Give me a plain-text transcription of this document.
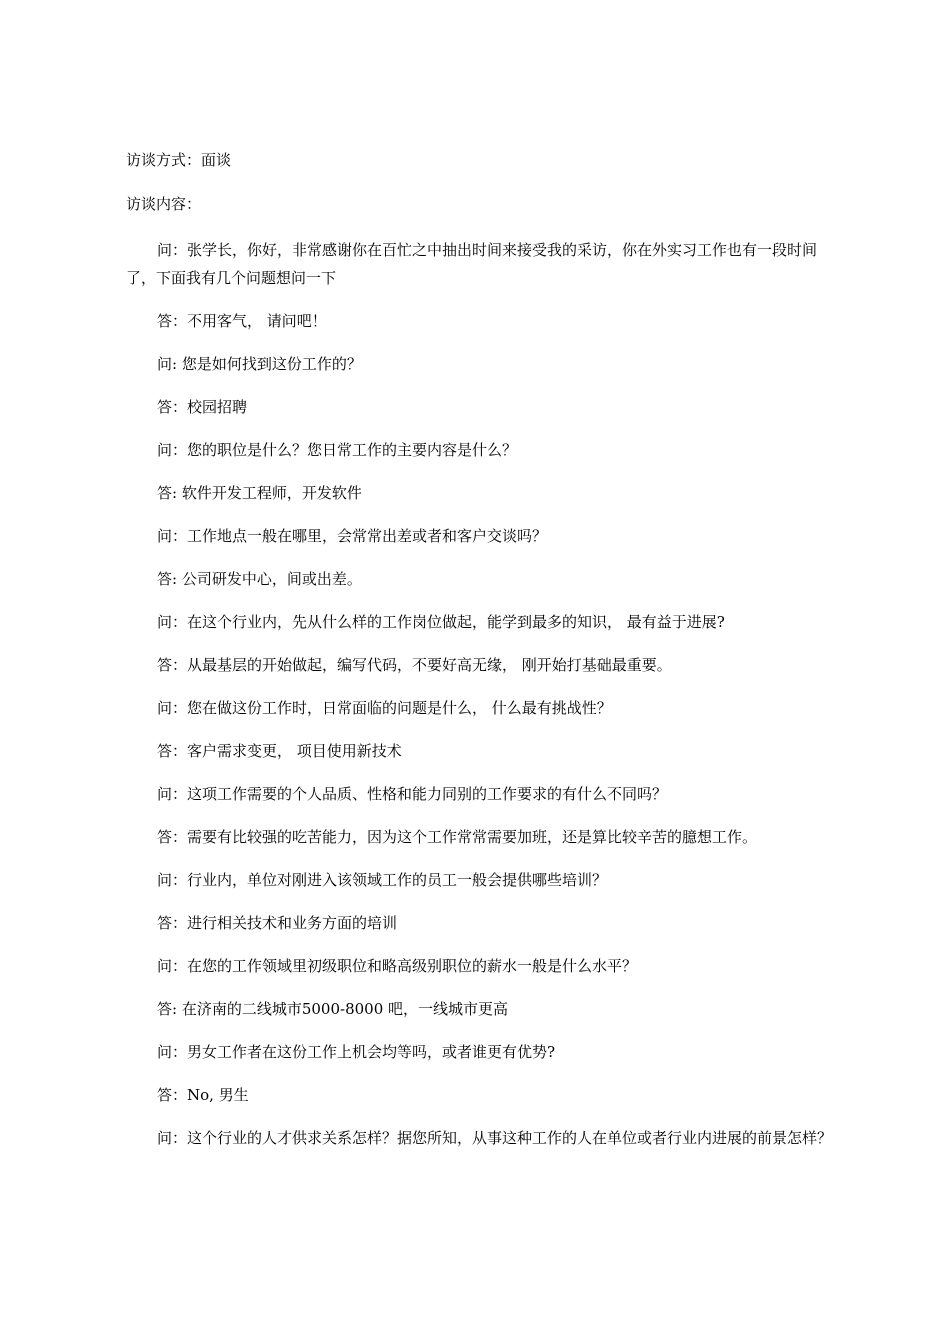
访谈方式：面谈
访谈内容：
问：张学长，你好，非常感谢你在百忙之中抽出时间来接受我的采访，你在外实习工作也有一段时间了，下面我有几个问题想问一下
答：不用客气， 请问吧！
问: 您是如何找到这份工作的？
答：校园招聘
问：您的职位是什么？您日常工作的主要内容是什么？
答: 软件开发工程师，开发软件
问：工作地点一般在哪里，会常常出差或者和客户交谈吗？
答: 公司研发中心，间或出差。
问：在这个行业内，先从什么样的工作岗位做起，能学到最多的知识， 最有益于进展?
答：从最基层的开始做起，编写代码，不要好高无缘， 刚开始打基础最重要。
问：您在做这份工作时，日常面临的问题是什么， 什么最有挑战性？
答：客户需求变更， 项目使用新技术
问：这项工作需要的个人品质、性格和能力同别的工作要求的有什么不同吗？
答：需要有比较强的吃苦能力，因为这个工作常常需要加班，还是算比较辛苦的臆想工作。
问：行业内，单位对刚进入该领域工作的员工一般会提供哪些培训？
答：进行相关技术和业务方面的培训
问：在您的工作领域里初级职位和略高级别职位的薪水一般是什么水平？
答: 在济南的二线城市5000-8000 吧，一线城市更高
问：男女工作者在这份工作上机会均等吗，或者谁更有优势?
答：No, 男生
问：这个行业的人才供求关系怎样？据您所知，从事这种工作的人在单位或者行业内进展的前景怎样？
